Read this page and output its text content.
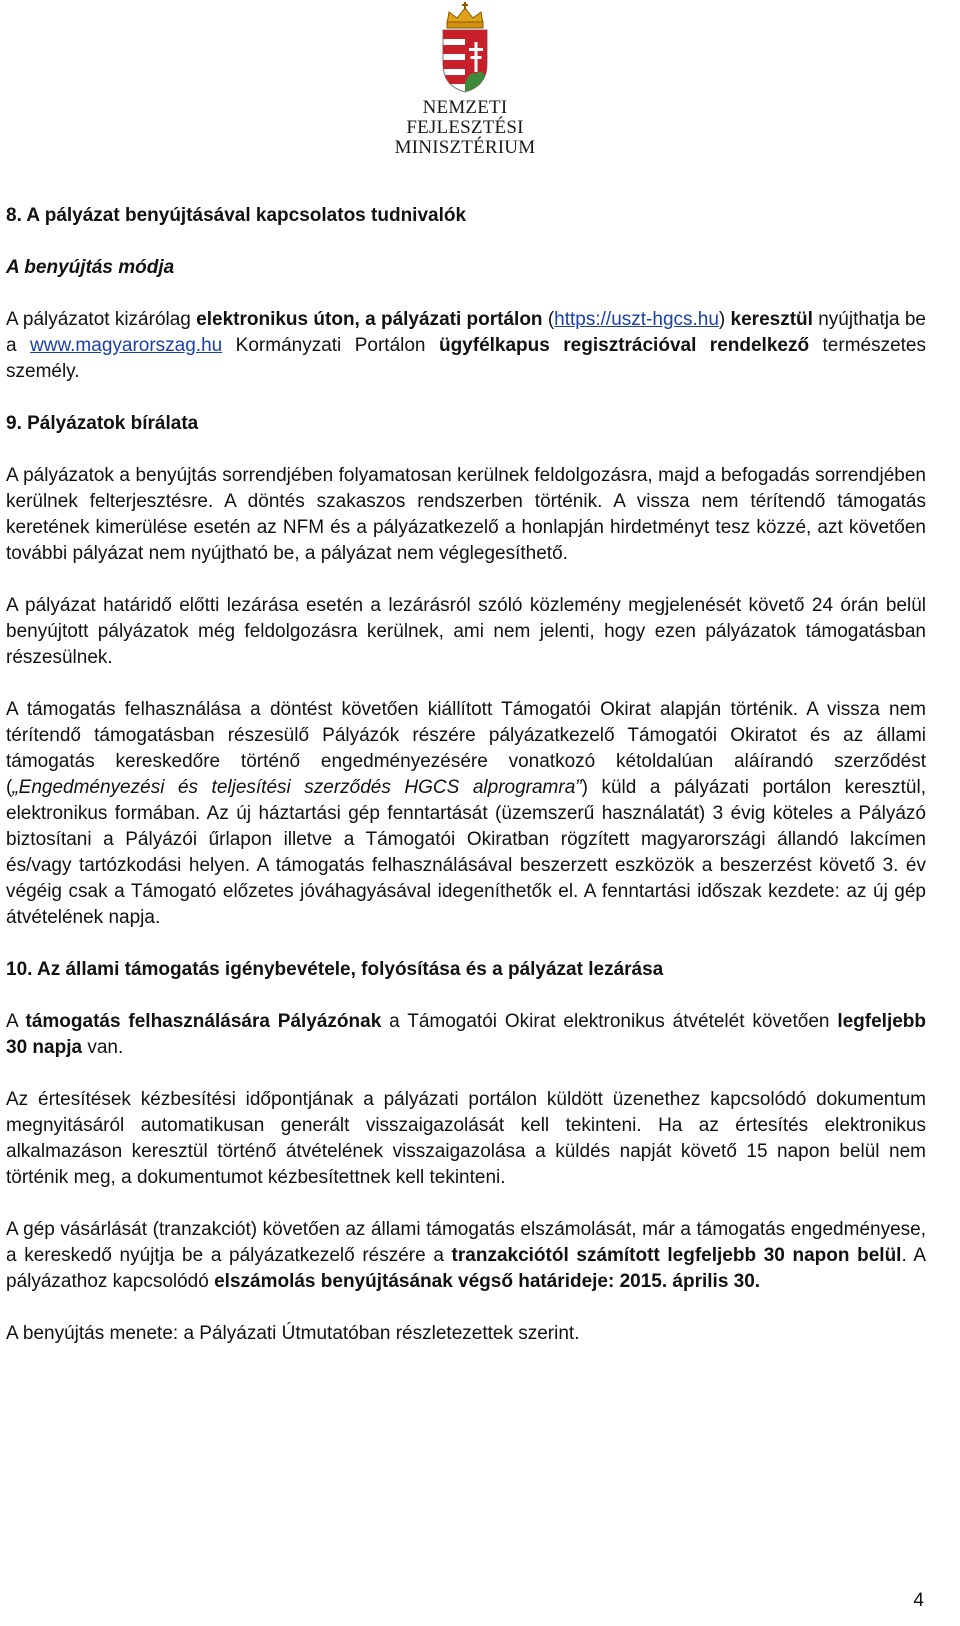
NEMZETI FEJLESZTÉSI
MINISZTÉRIUM

8. A pályázat benyújtásával kapcsolatos tudnivalók

A benyújtás módja

A pályázatot kizárólag elektronikus úton, a pályázati portálon (https://uszt-hgcs.hu) keresztül nyújthatja be a www.magyarorszag.hu Kormányzati Portálon ügyfélkapus regisztrációval rendelkező természetes személy.

9. Pályázatok bírálata

A pályázatok a benyújtás sorrendjében folyamatosan kerülnek feldolgozásra, majd a befogadás sorrendjében kerülnek felterjesztésre. A döntés szakaszos rendszerben történik. A vissza nem térítendő támogatás keretének kimerülése esetén az NFM és a pályázatkezelő a honlapján hirdetményt tesz közzé, azt követően további pályázat nem nyújtható be, a pályázat nem véglegesíthető.

A pályázat határidő előtti lezárása esetén a lezárásról szóló közlemény megjelenését követő 24 órán belül benyújtott pályázatok még feldolgozásra kerülnek, ami nem jelenti, hogy ezen pályázatok támogatásban részesülnek.

A támogatás felhasználása a döntést követően kiállított Támogatói Okirat alapján történik. A vissza nem térítendő támogatásban részesülő Pályázók részére pályázatkezelő Támogatói Okiratot és az állami támogatás kereskedőre történő engedményezésére vonatkozó kétoldalúan aláírandó szerződést („Engedményezési és teljesítési szerződés HGCS alprogramra”) küld a pályázati portálon keresztül, elektronikus formában. Az új háztartási gép fenntartását (üzemszerű használatát) 3 évig köteles a Pályázó biztosítani a Pályázói űrlapon illetve a Támogatói Okiratban rögzített magyarországi állandó lakcímen és/vagy tartózkodási helyen. A támogatás felhasználásával beszerzett eszközök a beszerzést követő 3. év végéig csak a Támogató előzetes jóváhagyásával idegeníthetők el. A fenntartási időszak kezdete: az új gép átvételének napja.

10. Az állami támogatás igénybevétele, folyósítása és a pályázat lezárása

A támogatás felhasználására Pályázónak a Támogatói Okirat elektronikus átvételét követően legfeljebb 30 napja van.

Az értesítések kézbesítési időpontjának a pályázati portálon küldött üzenethez kapcsolódó dokumentum megnyitásáról automatikusan generált visszaigazolását kell tekinteni. Ha az értesítés elektronikus alkalmazáson keresztül történő átvételének visszaigazolása a küldés napját követő 15 napon belül nem történik meg, a dokumentumot kézbesítettnek kell tekinteni.

A gép vásárlását (tranzakciót) követően az állami támogatás elszámolását, már a támogatás engedményese, a kereskedő nyújtja be a pályázatkezelő részére a tranzakciótól számított legfeljebb 30 napon belül. A pályázathoz kapcsolódó elszámolás benyújtásának végső határideje: 2015. április 30.

A benyújtás menete: a Pályázati Útmutatóban részletezettek szerint.

4
